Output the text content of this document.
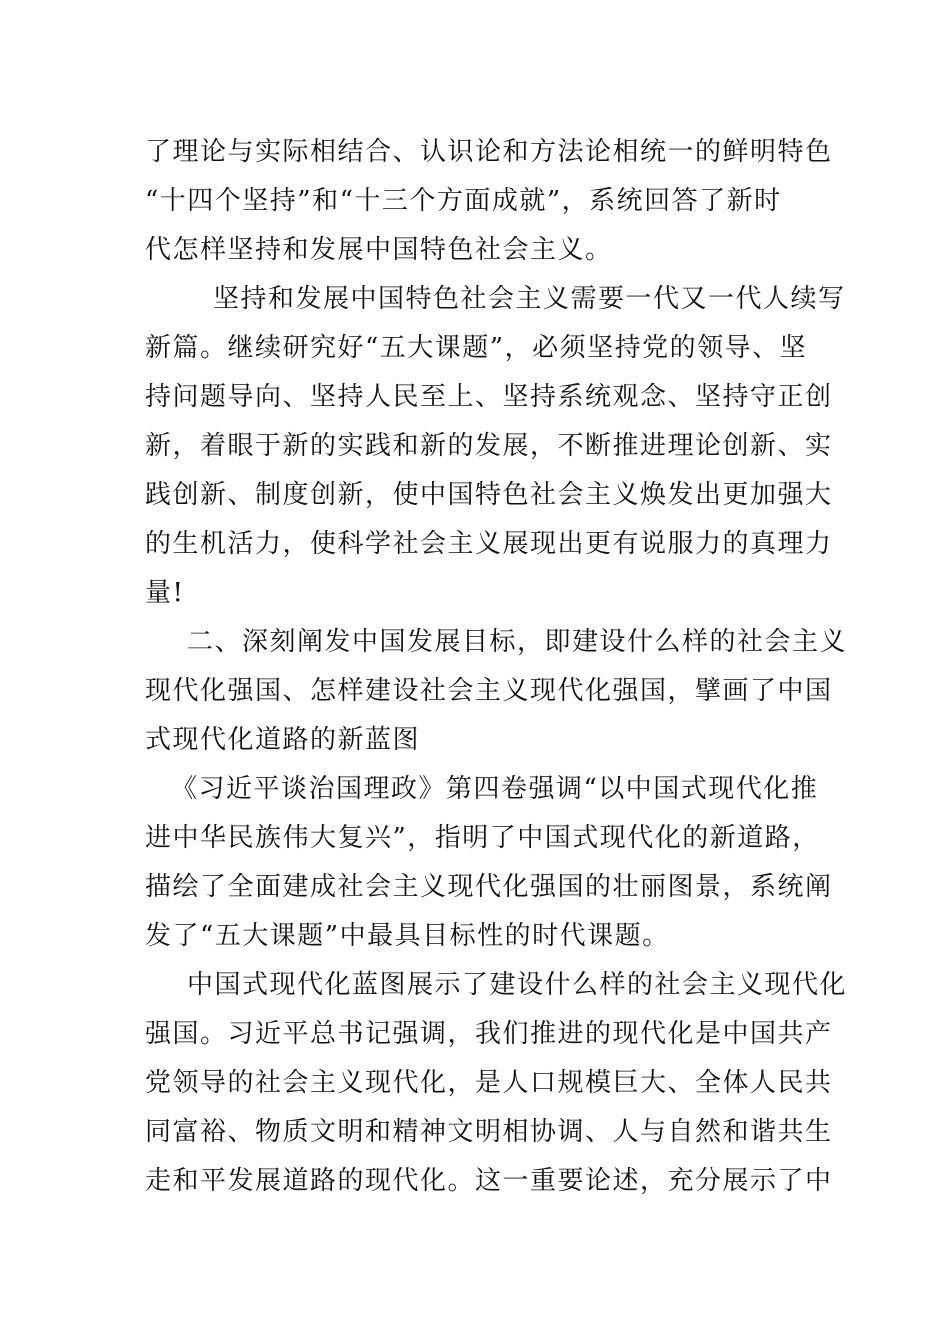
了理论与实际相结合、认识论和方法论相统一的鲜明特色
“十四个坚持”和“十三个方面成就”，系统回答了新时
代怎样坚持和发展中国特色社会主义。
坚持和发展中国特色社会主义需要一代又一代人续写
新篇。继续研究好“五大课题”，必须坚持党的领导、坚
持问题导向、坚持人民至上、坚持系统观念、坚持守正创
新，着眼于新的实践和新的发展，不断推进理论创新、实
践创新、制度创新，使中国特色社会主义焕发出更加强大
的生机活力，使科学社会主义展现出更有说服力的真理力
量!
二、深刻阐发中国发展目标，即建设什么样的社会主义
现代化强国、怎样建设社会主义现代化强国，擘画了中国
式现代化道路的新蓝图
《习近平谈治国理政》第四卷强调“以中国式现代化推
进中华民族伟大复兴”，指明了中国式现代化的新道路，
描绘了全面建成社会主义现代化强国的壮丽图景，系统阐
发了“五大课题”中最具目标性的时代课题。
中国式现代化蓝图展示了建设什么样的社会主义现代化
强国。习近平总书记强调，我们推进的现代化是中国共产
党领导的社会主义现代化，是人口规模巨大、全体人民共
同富裕、物质文明和精神文明相协调、人与自然和谐共生
走和平发展道路的现代化。这一重要论述，充分展示了中
